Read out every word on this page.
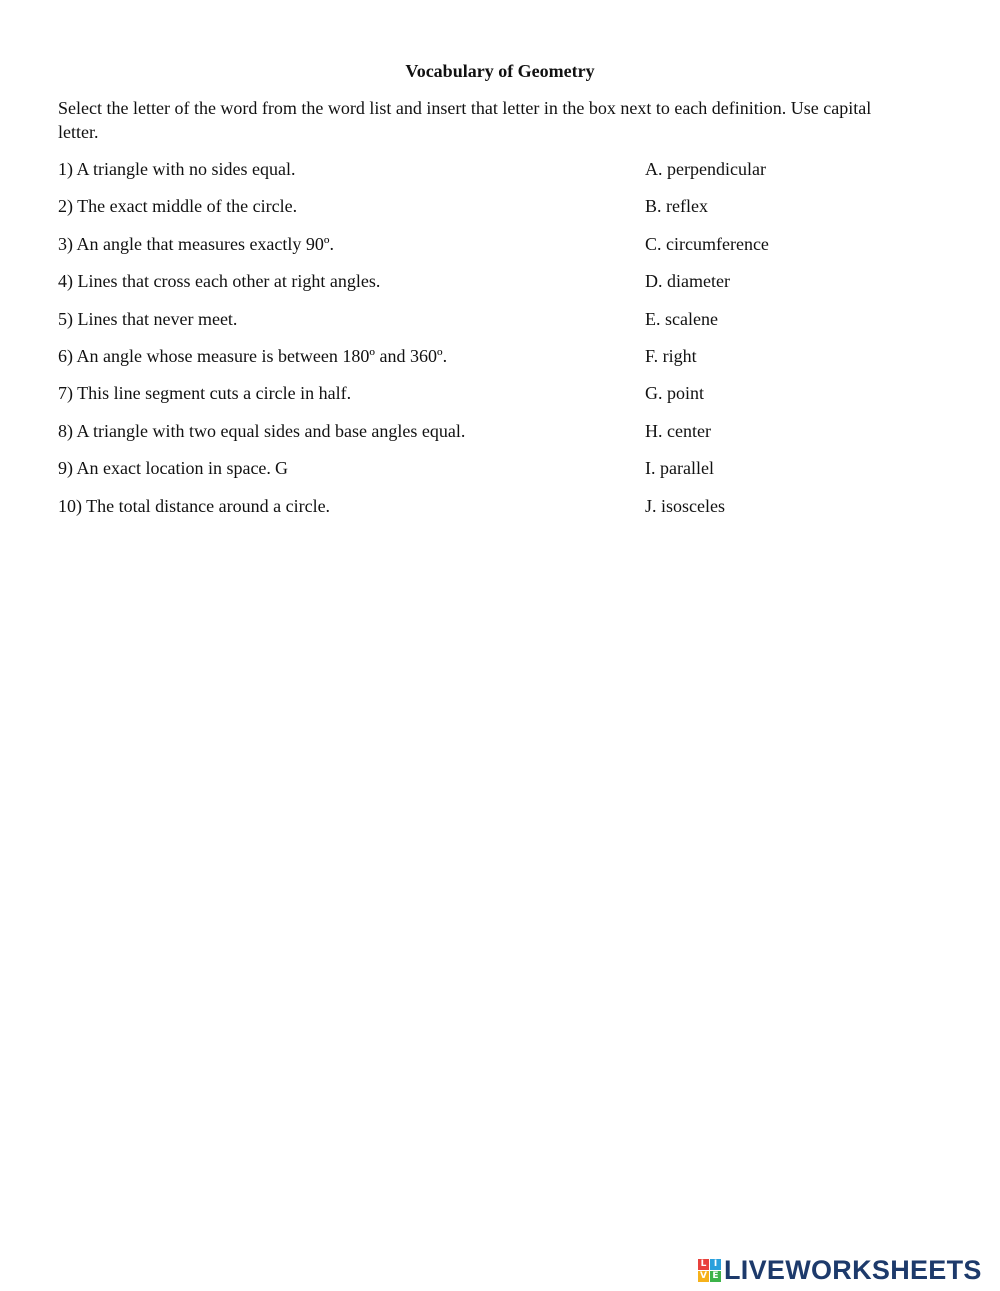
Vocabulary of Geometry
Select the letter of the word from the word list and insert that letter in the box next to each definition. Use capital letter.
1) A triangle with no sides equal.	A. perpendicular
2) The exact middle of the circle.	B. reflex
3) An angle that measures exactly 90º.	C. circumference
4) Lines that cross each other at right angles.	D. diameter
5) Lines that never meet.	E. scalene
6) An angle whose measure is between 180º and 360º.	F. right
7) This line segment cuts a circle in half.	G. point
8) A triangle with two equal sides and base angles equal.	H. center
9) An exact location in space. G	I. parallel
10) The total distance around a circle.	J. isosceles
L I
V E LIVEWORKSHEETS
